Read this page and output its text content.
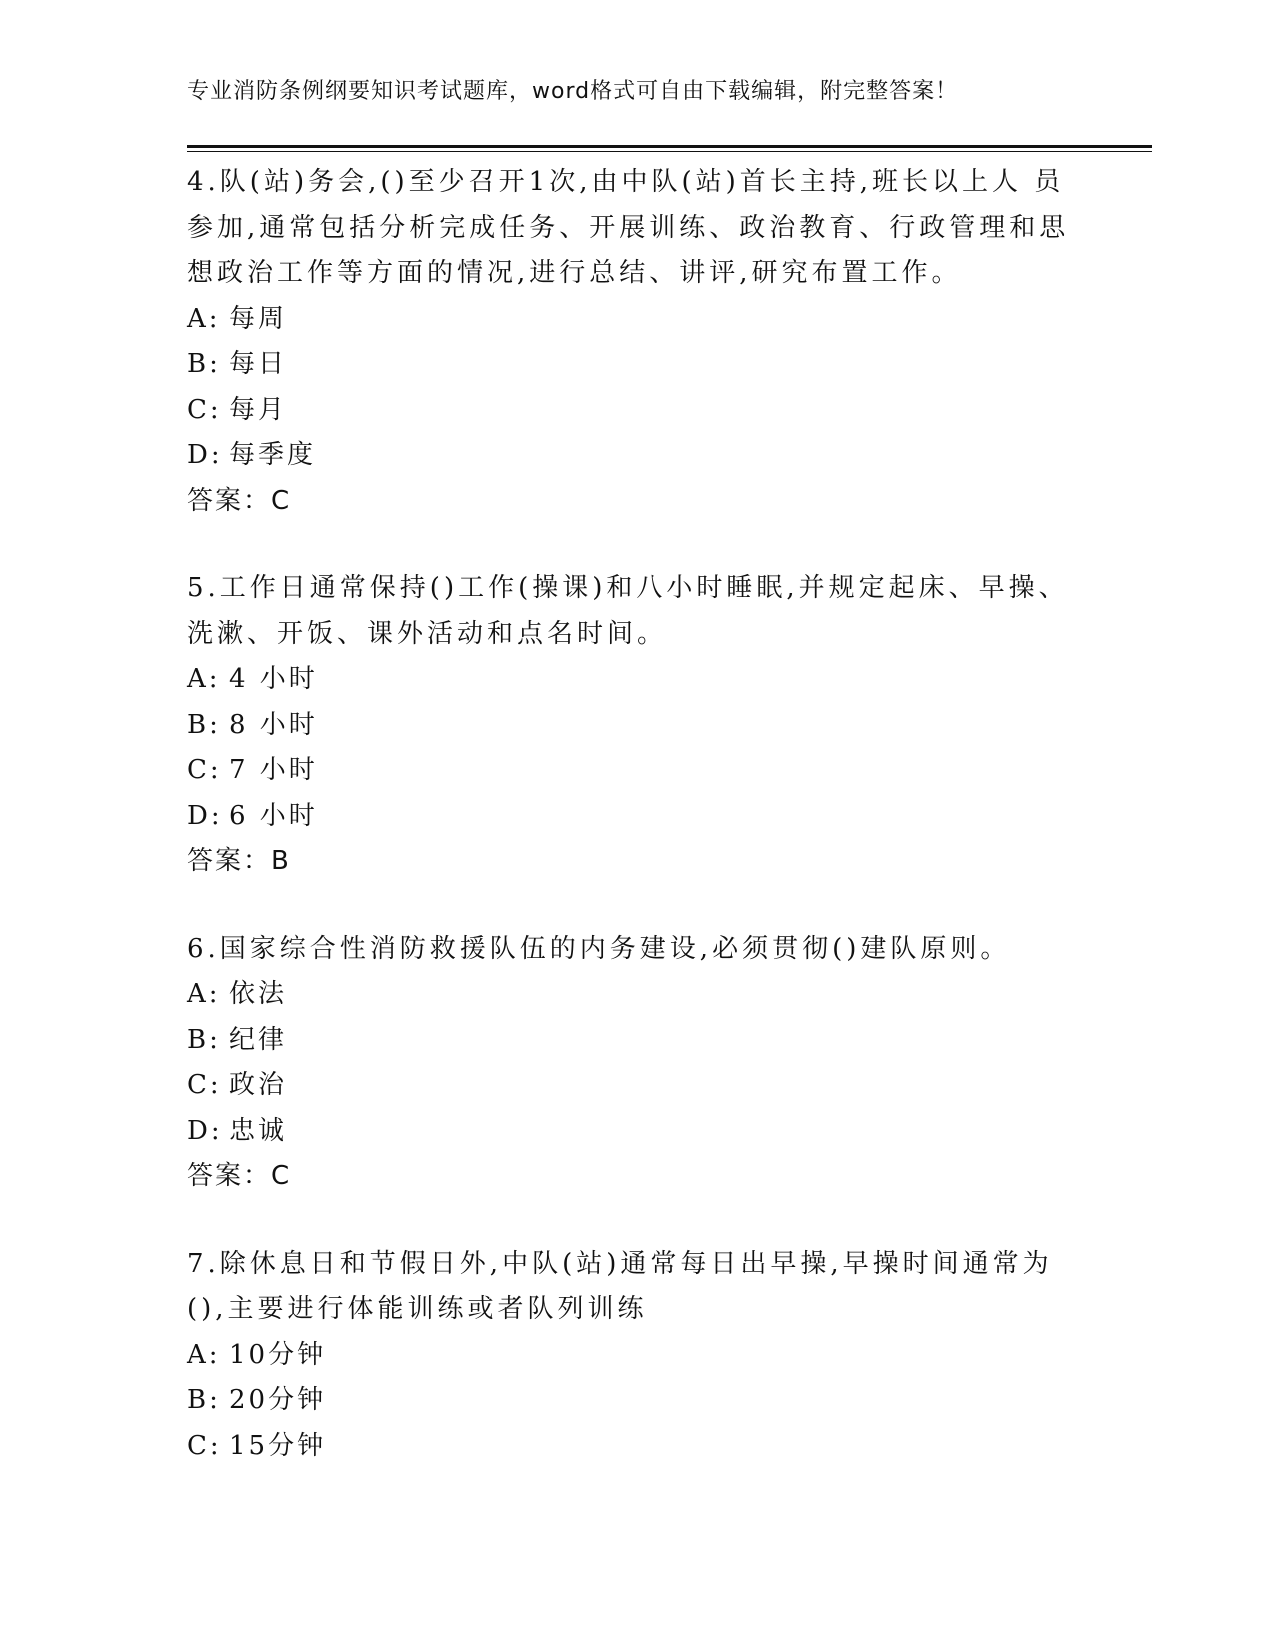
专业消防条例纲要知识考试题库，word格式可自由下载编辑，附完整答案！
4.队(站)务会,()至少召开1次,由中队(站)首长主持,班长以上人 员参加,通常包括分析完成任务、开展训练、政治教育、行政管理和思想政治工作等方面的情况,进行总结、讲评,研究布置工作。
A: 每周
B: 每日
C: 每月
D: 每季度
答案：C
5.工作日通常保持()工作(操课)和八小时睡眠,并规定起床、早操、洗漱、开饭、课外活动和点名时间。
A: 4 小时
B: 8 小时
C: 7 小时
D: 6 小时
答案：B
6.国家综合性消防救援队伍的内务建设,必须贯彻()建队原则。
A: 依法
B: 纪律
C: 政治
D: 忠诚
答案：C
7.除休息日和节假日外,中队(站)通常每日出早操,早操时间通常为(),主要进行体能训练或者队列训练
A: 10分钟
B: 20分钟
C: 15分钟
